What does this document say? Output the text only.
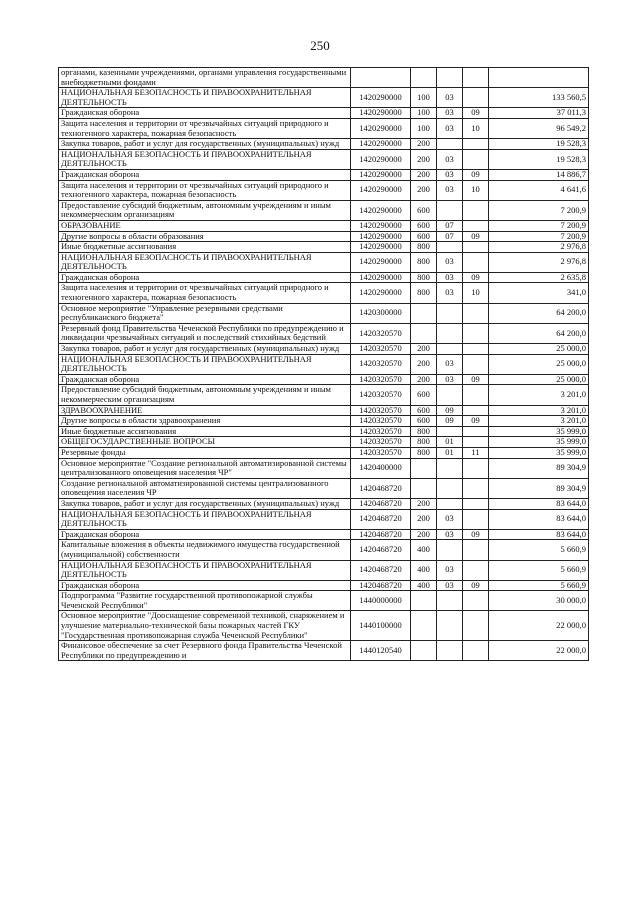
250
органами, казенными учреждениями, органами управления государственными внебюджетными фондами					
НАЦИОНАЛЬНАЯ БЕЗОПАСНОСТЬ И ПРАВООХРАНИТЕЛЬНАЯ ДЕЯТЕЛЬНОСТЬ	1420290000	100	03		133 560,5
Гражданская оборона	1420290000	100	03	09	37 011,3
Защита населения и территории от чрезвычайных ситуаций природного и техногенного характера, пожарная безопасность	1420290000	100	03	10	96 549,2
Закупка товаров, работ и услуг для государственных (муниципальных) нужд	1420290000	200			19 528,3
НАЦИОНАЛЬНАЯ БЕЗОПАСНОСТЬ И ПРАВООХРАНИТЕЛЬНАЯ ДЕЯТЕЛЬНОСТЬ	1420290000	200	03		19 528,3
Гражданская оборона	1420290000	200	03	09	14 886,7
Защита населения и территории от чрезвычайных ситуаций природного и техногенного характера, пожарная безопасность	1420290000	200	03	10	4 641,6
Предоставление субсидий бюджетным, автономным учреждениям и иным некоммерческим организациям	1420290000	600			7 200,9
ОБРАЗОВАНИЕ	1420290000	600	07		7 200,9
Другие вопросы в области образования	1420290000	600	07	09	7 200,9
Иные бюджетные ассигнования	1420290000	800			2 976,8
НАЦИОНАЛЬНАЯ БЕЗОПАСНОСТЬ И ПРАВООХРАНИТЕЛЬНАЯ ДЕЯТЕЛЬНОСТЬ	1420290000	800	03		2 976,8
Гражданская оборона	1420290000	800	03	09	2 635,8
Защита населения и территории от чрезвычайных ситуаций природного и техногенного характера, пожарная безопасность	1420290000	800	03	10	341,0
Основное мероприятие "Управление резервными средствами республиканского бюджета"	1420300000				64 200,0
Резервный фонд Правительства Чеченской Республики по предупреждению и ликвидации чрезвычайных ситуаций и последствий стихийных бедствий	1420320570				64 200,0
Закупка товаров, работ и услуг для государственных (муниципальных) нужд	1420320570	200			25 000,0
НАЦИОНАЛЬНАЯ БЕЗОПАСНОСТЬ И ПРАВООХРАНИТЕЛЬНАЯ ДЕЯТЕЛЬНОСТЬ	1420320570	200	03		25 000,0
Гражданская оборона	1420320570	200	03	09	25 000,0
Предоставление субсидий бюджетным, автономным учреждениям и иным некоммерческим организациям	1420320570	600			3 201,0
ЗДРАВООХРАНЕНИЕ	1420320570	600	09		3 201,0
Другие вопросы в области здравоохранения	1420320570	600	09	09	3 201,0
Иные бюджетные ассигнования	1420320570	800			35 999,0
ОБЩЕГОСУДАРСТВЕННЫЕ ВОПРОСЫ	1420320570	800	01		35 999,0
Резервные фонды	1420320570	800	01	11	35 999,0
Основное мероприятие "Создание региональной автоматизированной системы централизованного оповещения населения ЧР"	1420400000				89 304,9
Создание региональной автоматизированной системы централизованного оповещения населения ЧР	1420468720				89 304,9
Закупка товаров, работ и услуг для государственных (муниципальных) нужд	1420468720	200			83 644,0
НАЦИОНАЛЬНАЯ БЕЗОПАСНОСТЬ И ПРАВООХРАНИТЕЛЬНАЯ ДЕЯТЕЛЬНОСТЬ	1420468720	200	03		83 644,0
Гражданская оборона	1420468720	200	03	09	83 644,0
Капитальные вложения в объекты недвижимого имущества государственной (муниципальной) собственности	1420468720	400			5 660,9
НАЦИОНАЛЬНАЯ БЕЗОПАСНОСТЬ И ПРАВООХРАНИТЕЛЬНАЯ ДЕЯТЕЛЬНОСТЬ	1420468720	400	03		5 660,9
Гражданская оборона	1420468720	400	03	09	5 660,9
Подпрограмма "Развитие государственной противопожарной службы Чеченской Республики"	1440000000				30 000,0
Основное мероприятие "Дооснащение современной техникой, снаряжением и улучшение материально-технической базы пожарных частей ГКУ "Государственная противопожарная служба Чеченской Республики"	1440100000				22 000,0
Финансовое обеспечение за счет Резервного фонда Правительства Чеченской Республики по предупреждению и	1440120540				22 000,0
